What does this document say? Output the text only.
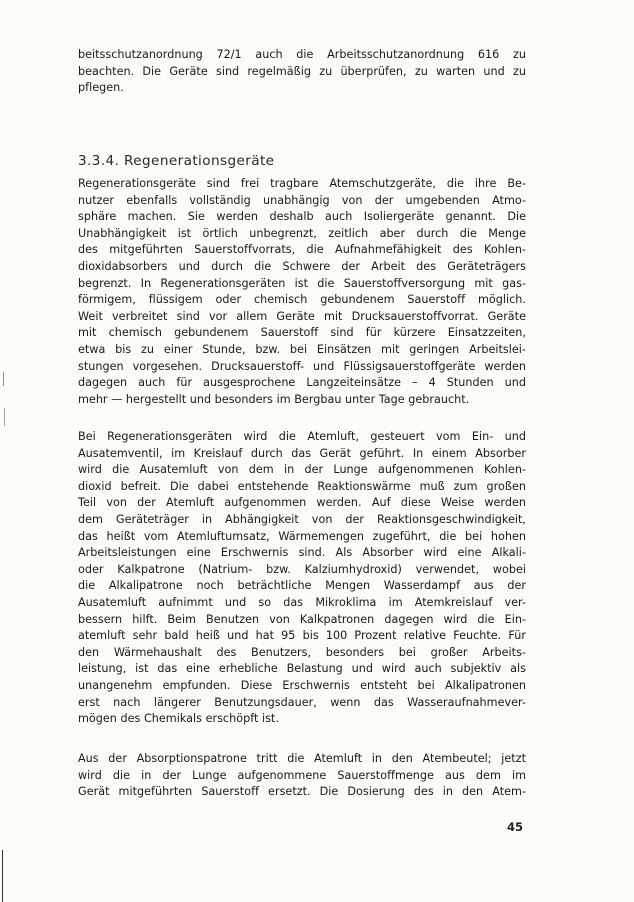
beitsschutzanordnung 72/1 auch die Arbeitsschutzanordnung 616 zu
beachten. Die Geräte sind regelmäßig zu überprüfen, zu warten und zu
pflegen.
3.3.4. Regenerationsgeräte
Regenerationsgeräte sind frei tragbare Atemschutzgeräte, die ihre Be-
nutzer ebenfalls vollständig unabhängig von der umgebenden Atmo-
sphäre machen. Sie werden deshalb auch Isoliergeräte genannt. Die
Unabhängigkeit ist örtlich unbegrenzt, zeitlich aber durch die Menge
des mitgeführten Sauerstoffvorrats, die Aufnahmefähigkeit des Kohlen-
dioxidabsorbers und durch die Schwere der Arbeit des Geräteträgers
begrenzt. In Regenerationsgeräten ist die Sauerstoffversorgung mit gas-
förmigem, flüssigem oder chemisch gebundenem Sauerstoff möglich.
Weit verbreitet sind vor allem Geräte mit Drucksauerstoffvorrat. Geräte
mit chemisch gebundenem Sauerstoff sind für kürzere Einsatzzeiten,
etwa bis zu einer Stunde, bzw. bei Einsätzen mit geringen Arbeitslei-
stungen vorgesehen. Drucksauerstoff- und Flüssigsauerstoffgeräte werden
dagegen auch für ausgesprochene Langzeiteinsätze – 4 Stunden und
mehr — hergestellt und besonders im Bergbau unter Tage gebraucht.
Bei Regenerationsgeräten wird die Atemluft, gesteuert vom Ein- und
Ausatemventil, im Kreislauf durch das Gerät geführt. In einem Absorber
wird die Ausatemluft von dem in der Lunge aufgenommenen Kohlen-
dioxid befreit. Die dabei entstehende Reaktionswärme muß zum großen
Teil von der Atemluft aufgenommen werden. Auf diese Weise werden
dem Geräteträger in Abhängigkeit von der Reaktionsgeschwindigkeit,
das heißt vom Atemluftumsatz, Wärmemengen zugeführt, die bei hohen
Arbeitsleistungen eine Erschwernis sind. Als Absorber wird eine Alkali-
oder Kalkpatrone (Natrium- bzw. Kalziumhydroxid) verwendet, wobei
die Alkalipatrone noch beträchtliche Mengen Wasserdampf aus der
Ausatemluft aufnimmt und so das Mikroklima im Atemkreislauf ver-
bessern hilft. Beim Benutzen von Kalkpatronen dagegen wird die Ein-
atemluft sehr bald heiß und hat 95 bis 100 Prozent relative Feuchte. Für
den Wärmehaushalt des Benutzers, besonders bei großer Arbeits-
leistung, ist das eine erhebliche Belastung und wird auch subjektiv als
unangenehm empfunden. Diese Erschwernis entsteht bei Alkalipatronen
erst nach längerer Benutzungsdauer, wenn das Wasseraufnahmever-
mögen des Chemikals erschöpft ist.
Aus der Absorptionspatrone tritt die Atemluft in den Atembeutel; jetzt
wird die in der Lunge aufgenommene Sauerstoffmenge aus dem im
Gerät mitgeführten Sauerstoff ersetzt. Die Dosierung des in den Atem-
45
